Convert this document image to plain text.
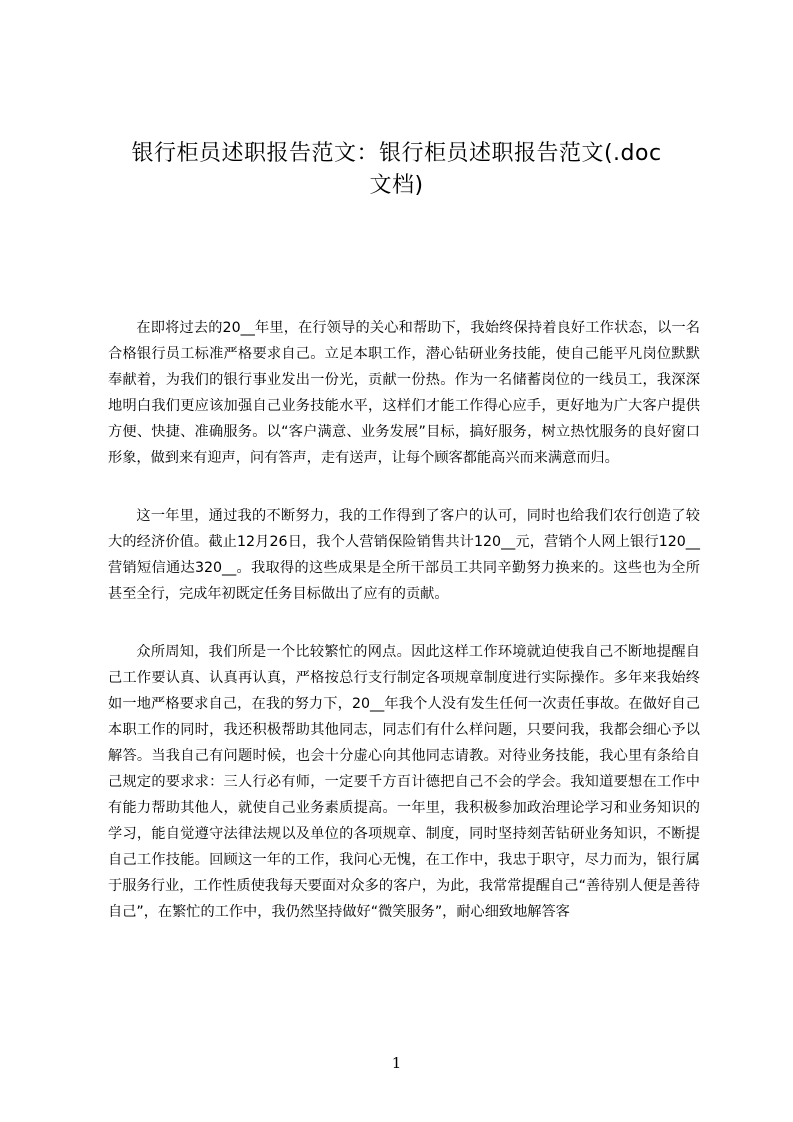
银行柜员述职报告范文：银行柜员述职报告范文(.doc
文档)

在即将过去的20__年里，在行领导的关心和帮助下，我始终保持着良好工作状态，以一名合格银行员工标准严格要求自己。立足本职工作，潜心钻研业务技能，使自己能平凡岗位默默奉献着，为我们的银行事业发出一份光，贡献一份热。作为一名储蓄岗位的一线员工，我深深地明白我们更应该加强自己业务技能水平，这样们才能工作得心应手，更好地为广大客户提供方便、快捷、准确服务。以“客户满意、业务发展”目标，搞好服务，树立热忱服务的良好窗口形象，做到来有迎声，问有答声，走有送声，让每个顾客都能高兴而来满意而归。

这一年里，通过我的不断努力，我的工作得到了客户的认可，同时也给我们农行创造了较大的经济价值。截止12月26日，我个人营销保险销售共计120__元，营销个人网上银行120__营销短信通达320__。我取得的这些成果是全所干部员工共同辛勤努力换来的。这些也为全所甚至全行，完成年初既定任务目标做出了应有的贡献。

众所周知，我们所是一个比较繁忙的网点。因此这样工作环境就迫使我自己不断地提醒自己工作要认真、认真再认真，严格按总行支行制定各项规章制度进行实际操作。多年来我始终如一地严格要求自己，在我的努力下，20__年我个人没有发生任何一次责任事故。在做好自己本职工作的同时，我还积极帮助其他同志，同志们有什么样问题，只要问我，我都会细心予以解答。当我自己有问题时候，也会十分虚心向其他同志请教。对待业务技能，我心里有条给自己规定的要求求：三人行必有师，一定要千方百计德把自己不会的学会。我知道要想在工作中有能力帮助其他人，就使自己业务素质提高。一年里，我积极参加政治理论学习和业务知识的学习，能自觉遵守法律法规以及单位的各项规章、制度，同时坚持刻苦钻研业务知识，不断提自己工作技能。回顾这一年的工作，我问心无愧，在工作中，我忠于职守，尽力而为，银行属于服务行业，工作性质使我每天要面对众多的客户，为此，我常常提醒自己“善待别人便是善待自己”，在繁忙的工作中，我仍然坚持做好“微笑服务”，耐心细致地解答客

1
